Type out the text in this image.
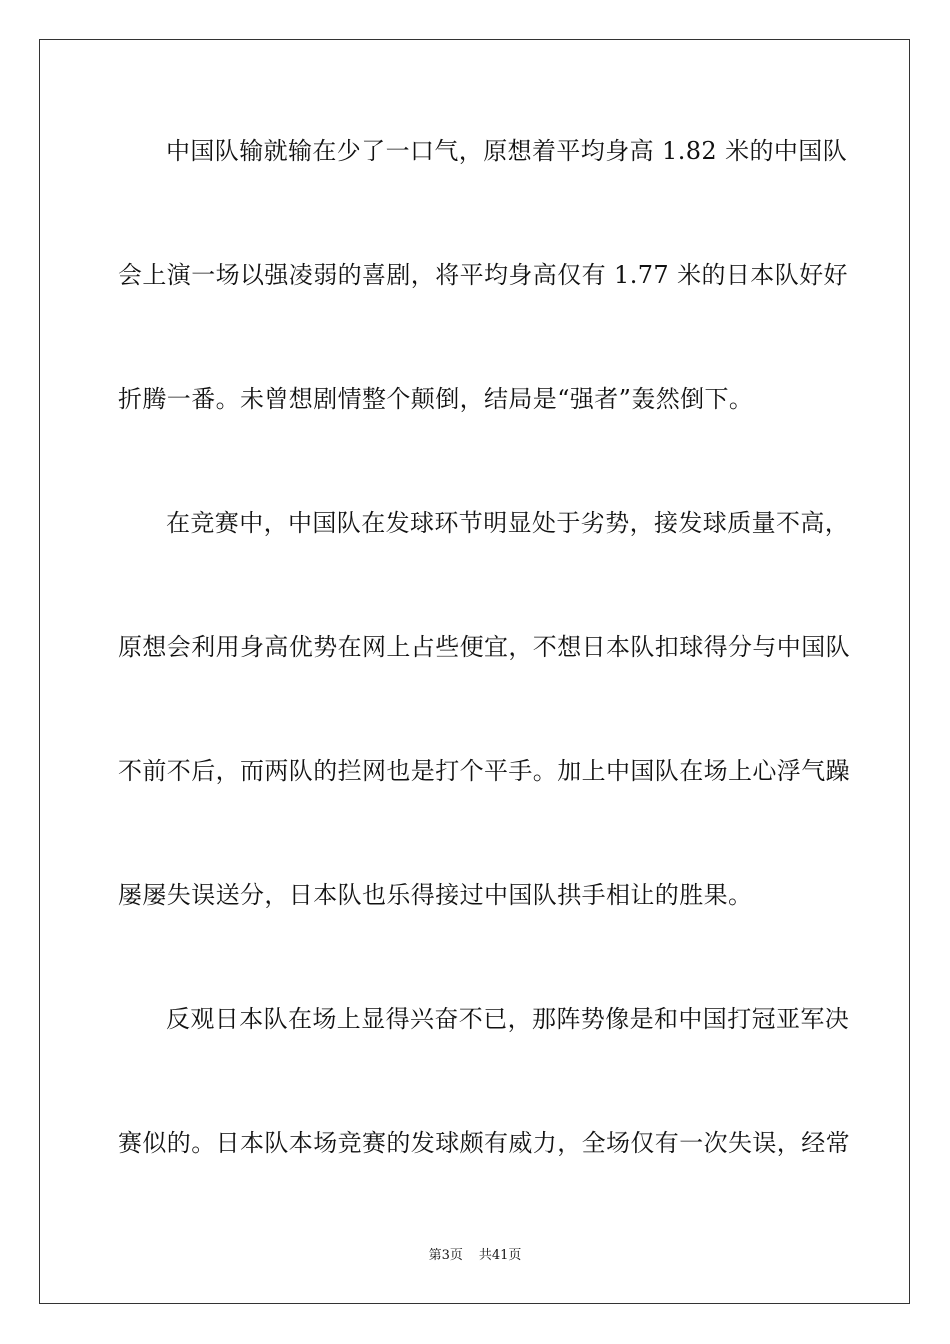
中国队输就输在少了一口气，原想着平均身高 1.82 米的中国队
会上演一场以强凌弱的喜剧，将平均身高仅有 1.77 米的日本队好好
折腾一番。未曾想剧情整个颠倒，结局是“强者”轰然倒下。
在竞赛中，中国队在发球环节明显处于劣势，接发球质量不高，
原想会利用身高优势在网上占些便宜，不想日本队扣球得分与中国队
不前不后，而两队的拦网也是打个平手。加上中国队在场上心浮气躁
屡屡失误送分，日本队也乐得接过中国队拱手相让的胜果。
反观日本队在场上显得兴奋不已，那阵势像是和中国打冠亚军决
赛似的。日本队本场竞赛的发球颇有威力，全场仅有一次失误，经常
第3页 共41页
